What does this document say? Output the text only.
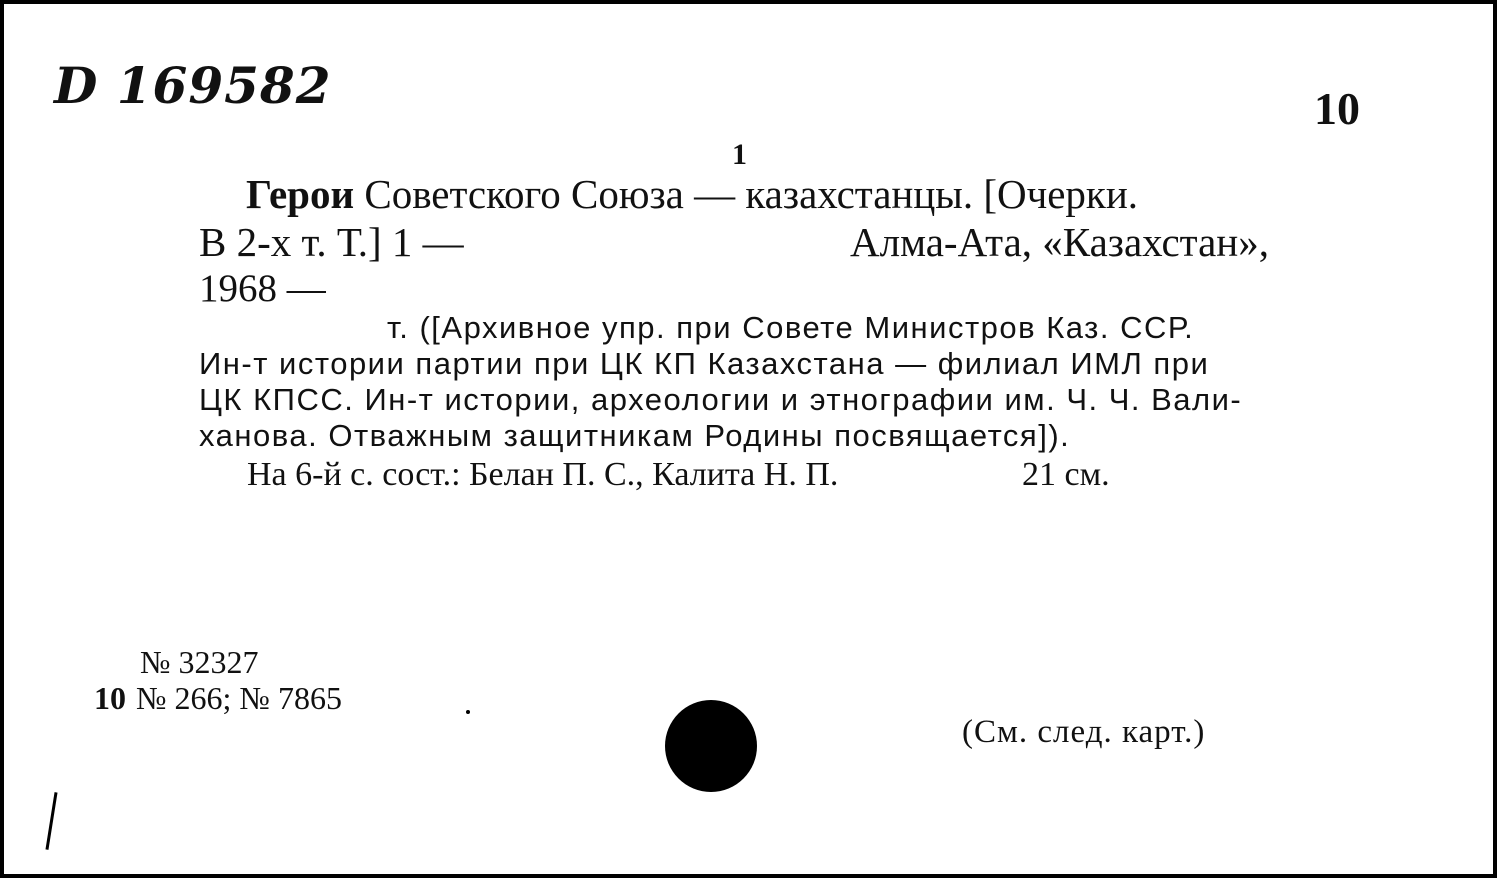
D 169582	10
1
Герои Советского Союза — казахстанцы. [Очерки.
В 2-х т. Т.] 1 —	Алма-Ата, «Казахстан»,
1968 —
т. ([Архивное упр. при Совете Министров Каз. ССР.
Ин-т истории партии при ЦК КП Казахстана — филиал ИМЛ при
ЦК КПСС. Ин-т истории, археологии и этнографии им. Ч. Ч. Вали-
ханова. Отважным защитникам Родины посвящается]).
На 6-й с. сост.: Белан П. С., Калита Н. П.	21 см.
№ 32327
10 № 266; № 7865
(См. след. карт.)
